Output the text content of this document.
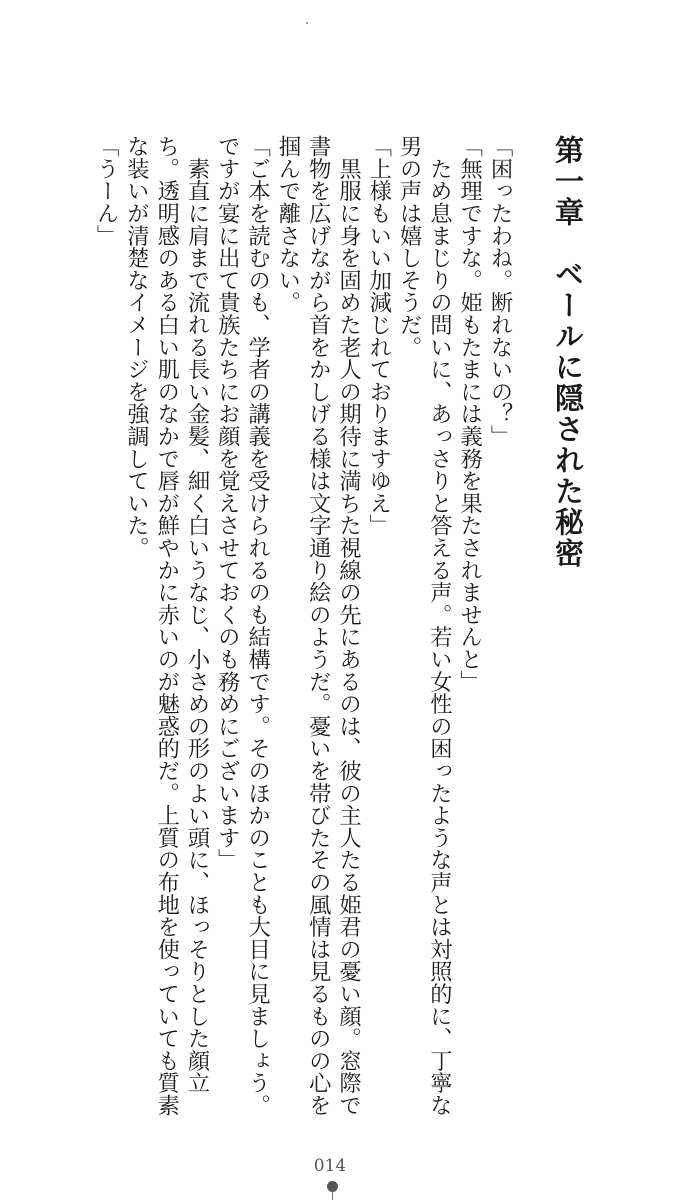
第一章　ベールに隠された秘密

「困ったわね。断れないの？」

「無理ですな。姫もたまには義務を果たされませんと」

　ため息まじりの問いに、あっさりと答える声。若い女性の困ったような声とは対照的に、丁寧な男の声は嬉しそうだ。

「上様もいい加減じれておりますゆえ」

　黒服に身を固めた老人の期待に満ちた視線の先にあるのは、彼の主人たる姫君の憂い顔。窓際で書物を広げながら首をかしげる様は文字通り絵のようだ。憂いを帯びたその風情は見るものの心を掴んで離さない。

「ご本を読むのも、学者の講義を受けられるのも結構です。そのほかのことも大目に見ましょう。ですが宴に出て貴族たちにお顔を覚えさせておくのも務めにございます」

　素直に肩まで流れる長い金髪、細く白いうなじ、小さめの形のよい頭に、ほっそりとした顔立ち。透明感のある白い肌のなかで唇が鮮やかに赤いのが魅惑的だ。上質の布地を使っていても質素な装いが清楚なイメージを強調していた。

「うーん」

014
